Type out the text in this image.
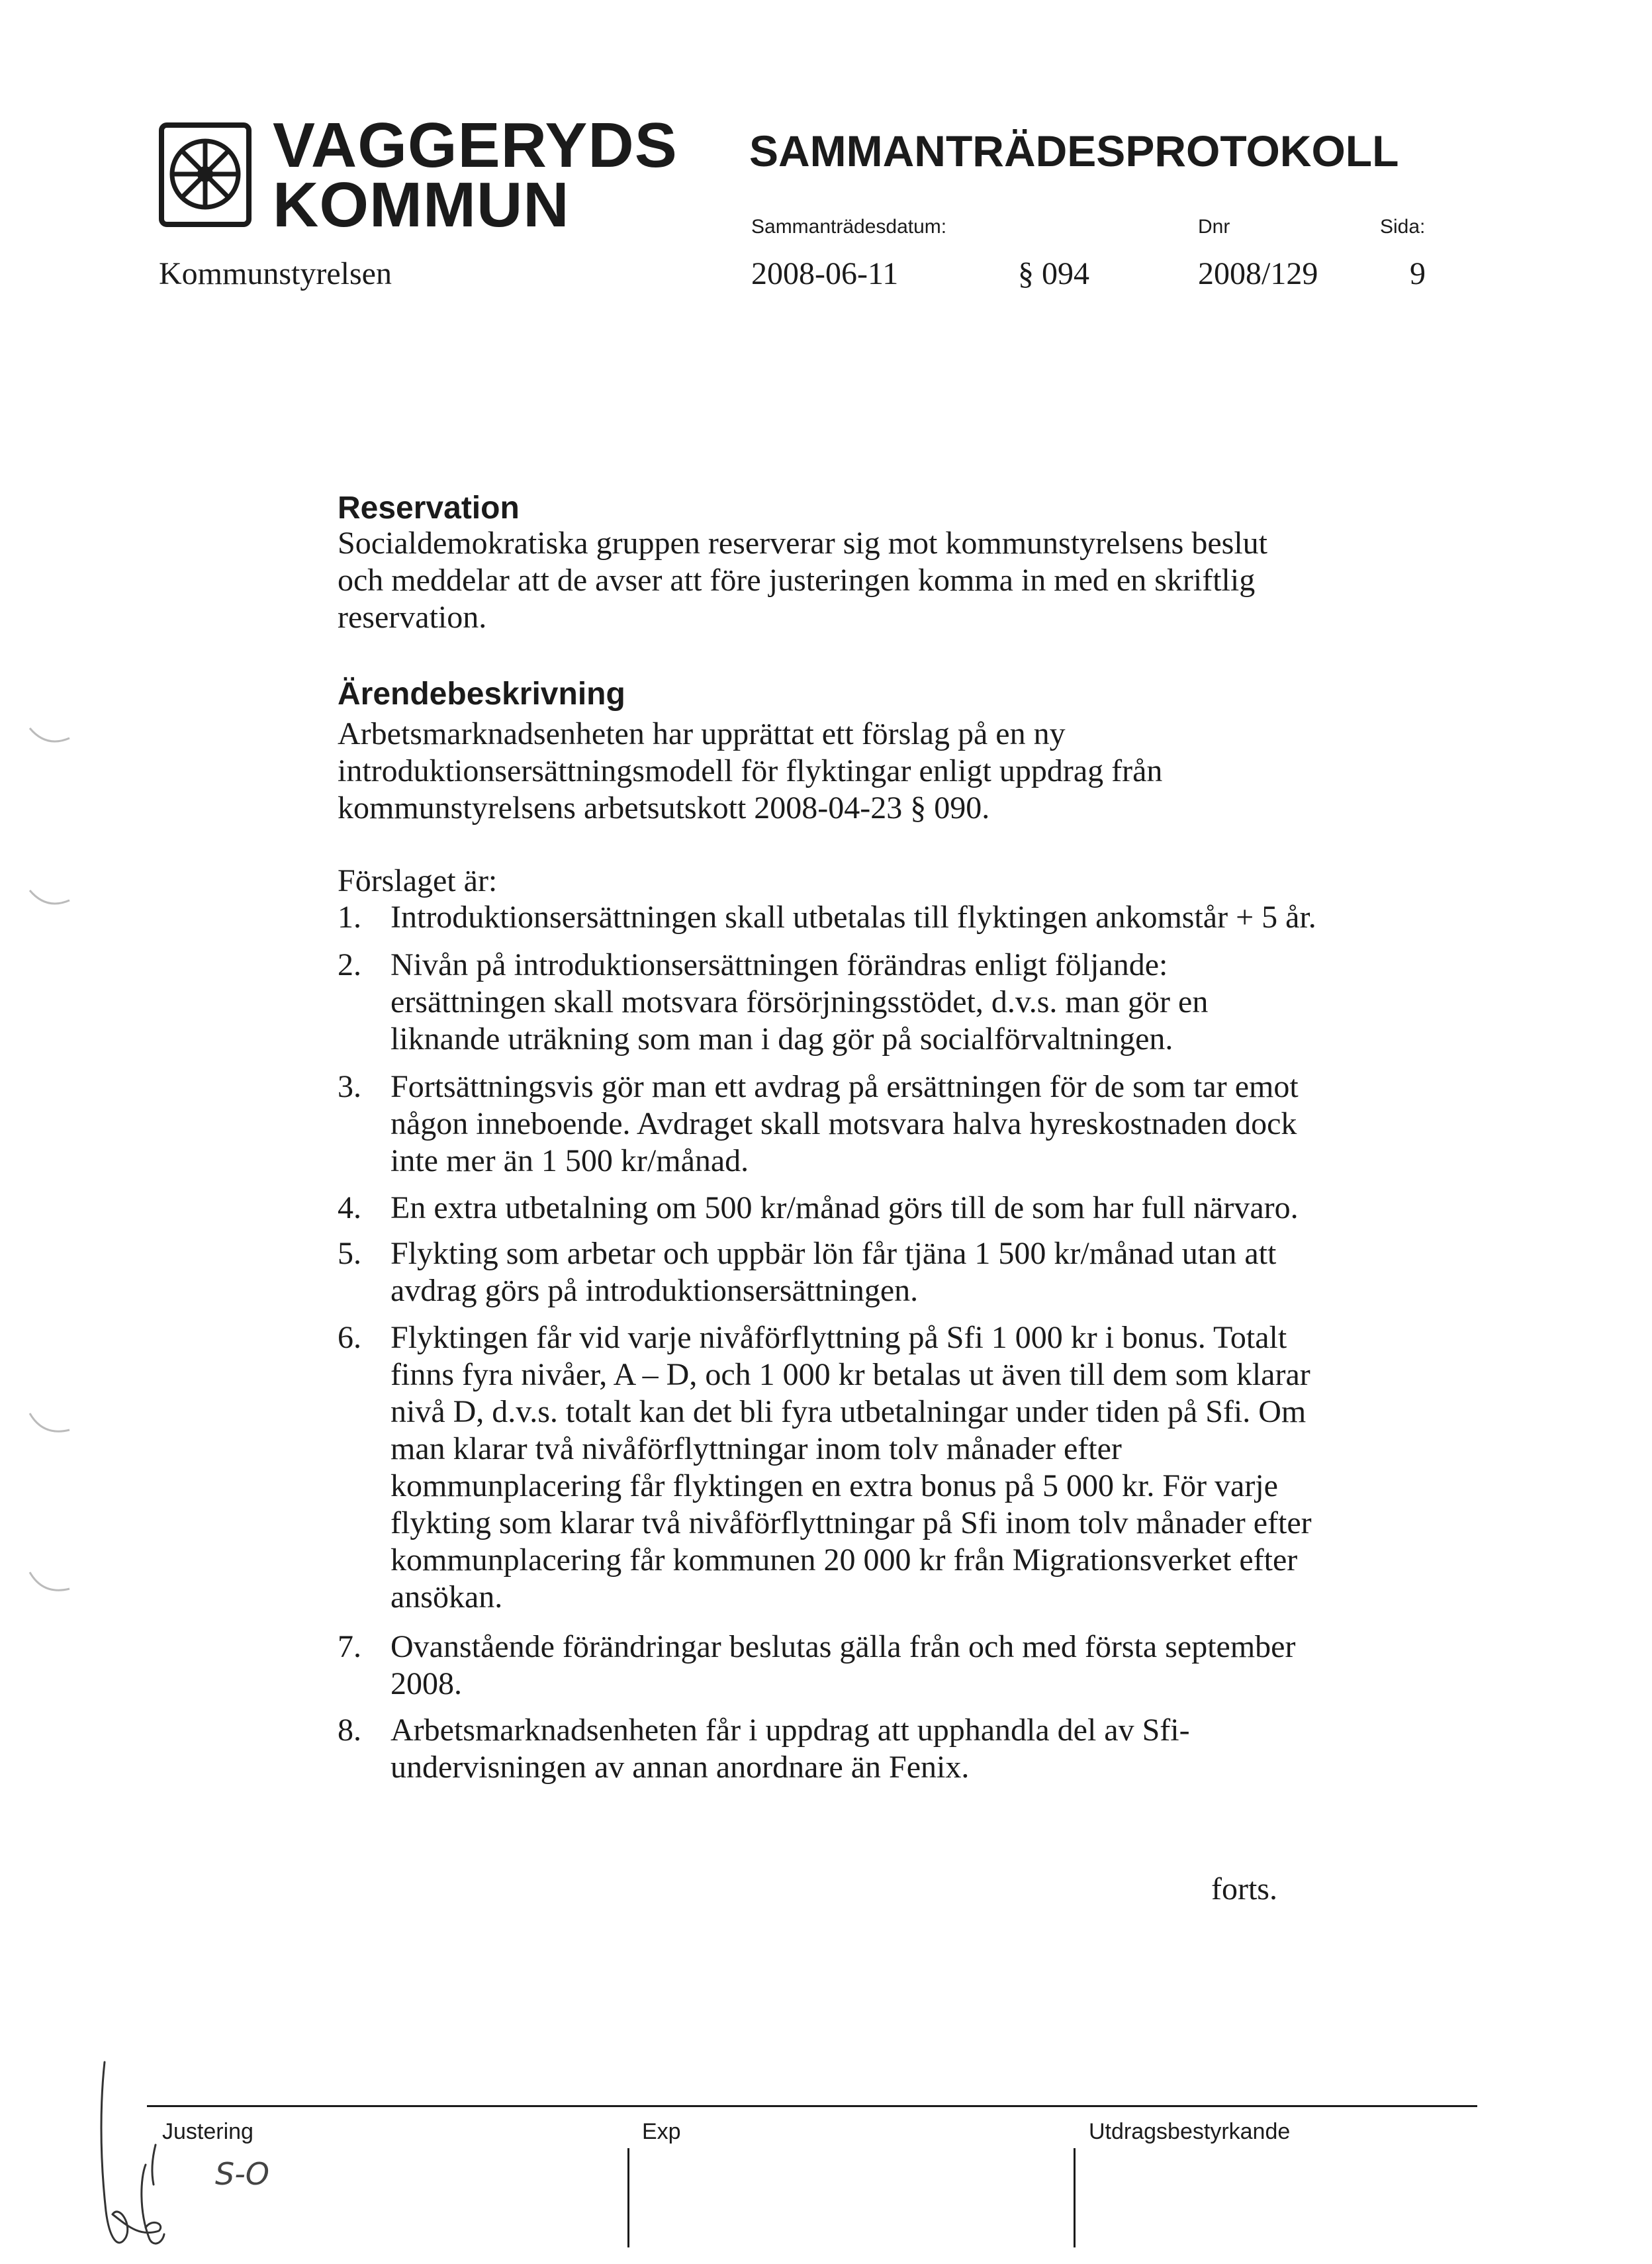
VAGGERYDS
KOMMUN
SAMMANTRÄDESPROTOKOLL
Sammanträdesdatum:	Dnr	Sida:
Kommunstyrelsen	2008-06-11	§ 094	2008/129	9
Reservation
Socialdemokratiska gruppen reserverar sig mot kommunstyrelsens beslut
och meddelar att de avser att före justeringen komma in med en skriftlig
reservation.
Ärendebeskrivning
Arbetsmarknadsenheten har upprättat ett förslag på en ny
introduktionsersättningsmodell för flyktingar enligt uppdrag från
kommunstyrelsens arbetsutskott 2008-04-23 § 090.
Förslaget är:
1. Introduktionsersättningen skall utbetalas till flyktingen ankomstår + 5 år.
2. Nivån på introduktionsersättningen förändras enligt följande:
ersättningen skall motsvara försörjningsstödet, d.v.s. man gör en
liknande uträkning som man i dag gör på socialförvaltningen.
3. Fortsättningsvis gör man ett avdrag på ersättningen för de som tar emot
någon inneboende. Avdraget skall motsvara halva hyreskostnaden dock
inte mer än 1 500 kr/månad.
4. En extra utbetalning om 500 kr/månad görs till de som har full närvaro.
5. Flykting som arbetar och uppbär lön får tjäna 1 500 kr/månad utan att
avdrag görs på introduktionsersättningen.
6. Flyktingen får vid varje nivåförflyttning på Sfi 1 000 kr i bonus. Totalt
finns fyra nivåer, A – D, och 1 000 kr betalas ut även till dem som klarar
nivå D, d.v.s. totalt kan det bli fyra utbetalningar under tiden på Sfi. Om
man klarar två nivåförflyttningar inom tolv månader efter
kommunplacering får flyktingen en extra bonus på 5 000 kr. För varje
flykting som klarar två nivåförflyttningar på Sfi inom tolv månader efter
kommunplacering får kommunen 20 000 kr från Migrationsverket efter
ansökan.
7. Ovanstående förändringar beslutas gälla från och med första september
2008.
8. Arbetsmarknadsenheten får i uppdrag att upphandla del av Sfi-
undervisningen av annan anordnare än Fenix.
forts.
Justering	Exp	Utdragsbestyrkande
S-O
